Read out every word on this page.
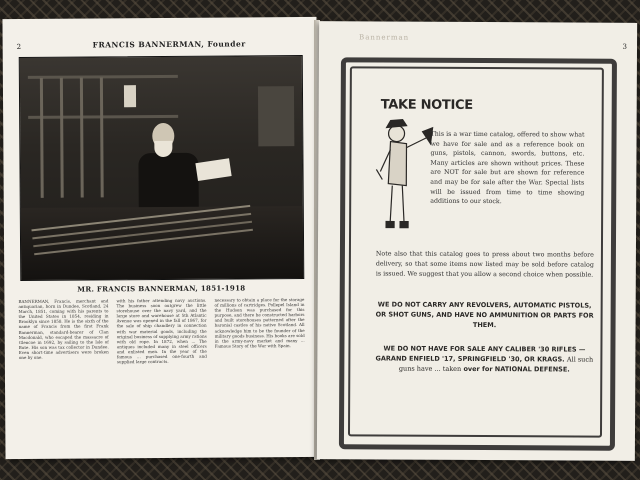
2	FRANCIS BANNERMAN, Founder
MR. FRANCIS BANNERMAN, 1851-1918
BANNERMAN, Francis, merchant and antiquarian, born in Dundee, Scotland, 24 March, 1851, coming with his parents to the United States in 1854, residing in Brooklyn since 1858. He is the sixth of the name of Francis from the first Frank Bannerman, standard-bearer of Clan Macdonald, who escaped the massacre of Glencoe in 1692, by sailing to the Isle of Bute. His son was tax collector in Dundee. Even short-time advertisers were broken one by one.
with his father attending navy auctions. The business soon outgrew the little storehouse over the navy yard, and the large store and warehouse at 5th Atlantic Avenue was opened in the fall of 1867, for the sale of ship chandlery in connection with war material goods, including the original business of supplying army rations with old rope. In 1872, when ... The antiques included many in steel officers and enlisted men. In the year of the famous ... purchased one-fourth and supplied large contracts.
necessary to obtain a place for the storage of millions of cartridges. Pollepel Island in the Hudson was purchased for this purpose, and there he constructed harbors and built storehouses patterned after the baronial castles of his native Scotland. All acknowledge him to be the founder of the military goods business. His books are sold in the army-navy market and many ... Famous Story of the War with Spain.
Bannerman
3
TAKE NOTICE
This is a war time catalog, offered to show what we have for sale and as a reference book on guns, pistols, cannon, swords, buttons, etc. Many articles are shown without prices. These are NOT for sale but are shown for reference and may be for sale after the War. Special lists will be issued from time to time showing additions to our stock.
Note also that this catalog goes to press about two months before delivery, so that some items now listed may be sold before catalog is issued. We suggest that you allow a second choice when possible.
WE DO NOT CARRY ANY REVOLVERS, AUTOMATIC PISTOLS, OR SHOT GUNS, AND HAVE NO AMMUNITION OR PARTS FOR THEM.
WE DO NOT HAVE FOR SALE ANY CALIBER '30 RIFLES — GARAND ENFIELD '17, SPRINGFIELD '30, OR KRAGS. All such guns have ... taken over for NATIONAL DEFENSE.
